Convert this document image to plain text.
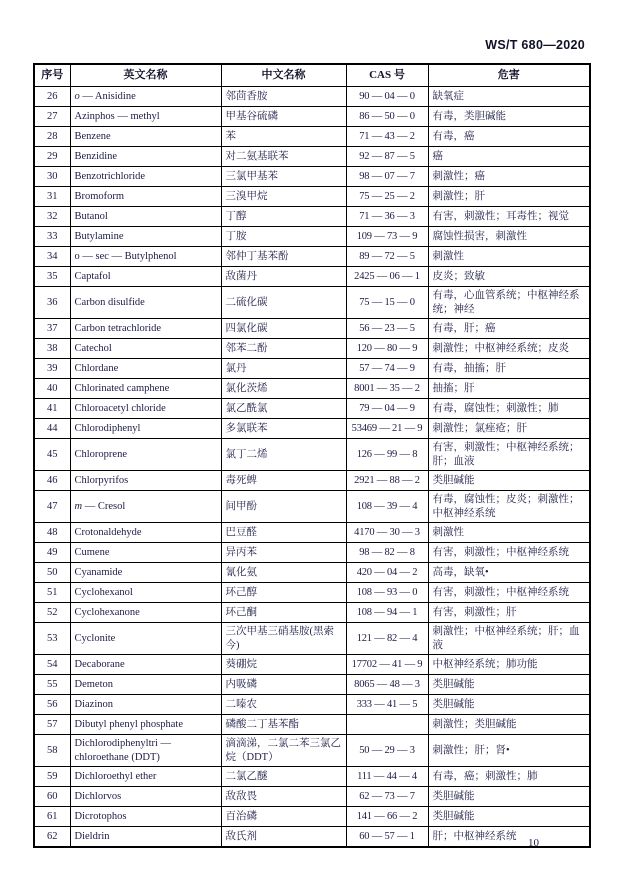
WS/T 680—2020
序号	英文名称	中文名称	CAS 号	危害
26	o — Anisidine	邻茴香胺	90 — 04 — 0	缺氧症
27	Azinphos — methyl	甲基谷硫磷	86 — 50 — 0	有毒，类胆碱能
28	Benzene	苯	71 — 43 — 2	有毒，癌
29	Benzidine	对二氨基联苯	92 — 87 — 5	癌
30	Benzotrichloride	三氯甲基苯	98 — 07 — 7	刺激性；癌
31	Bromoform	三溴甲烷	75 — 25 — 2	刺激性；肝
32	Butanol	丁醇	71 — 36 — 3	有害，刺激性；耳毒性；视觉
33	Butylamine	丁胺	109 — 73 — 9	腐蚀性损害，刺激性
34	o — sec — Butylphenol	邻仲丁基苯酚	89 — 72 — 5	刺激性
35	Captafol	敌菌丹	2425 — 06 — 1	皮炎；致敏
36	Carbon disulfide	二硫化碳	75 — 15 — 0	有毒，心血管系统；中枢神经系统；神经
37	Carbon tetrachloride	四氯化碳	56 — 23 — 5	有毒，肝；癌
38	Catechol	邻苯二酚	120 — 80 — 9	刺激性；中枢神经系统；皮炎
39	Chlordane	氯丹	57 — 74 — 9	有毒，抽搐；肝
40	Chlorinated camphene	氯化茨烯	8001 — 35 — 2	抽搐；肝
41	Chloroacetyl chloride	氯乙酰氯	79 — 04 — 9	有毒，腐蚀性；刺激性；肺
44	Chlorodiphenyl	多氯联苯	53469 — 21 — 9	刺激性；氯痤疮；肝
45	Chloroprene	氯丁二烯	126 — 99 — 8	有害，刺激性；中枢神经系统；肝；血液
46	Chlorpyrifos	毒死蜱	2921 — 88 — 2	类胆碱能
47	m — Cresol	间甲酚	108 — 39 — 4	有毒，腐蚀性；皮炎；刺激性；中枢神经系统
48	Crotonaldehyde	巴豆醛	4170 — 30 — 3	刺激性
49	Cumene	异丙苯	98 — 82 — 8	有害，刺激性；中枢神经系统
50	Cyanamide	氰化氨	420 — 04 — 2	高毒，缺氧•
51	Cyclohexanol	环己醇	108 — 93 — 0	有害，刺激性；中枢神经系统
52	Cyclohexanone	环己酮	108 — 94 — 1	有害，刺激性；肝
53	Cyclonite	三次甲基三硝基胺(黑索今)	121 — 82 — 4	刺激性；中枢神经系统；肝；血液
54	Decaborane	葵硼烷	17702 — 41 — 9	中枢神经系统；肺功能
55	Demeton	内吸磷	8065 — 48 — 3	类胆碱能
56	Diazinon	二嗪农	333 — 41 — 5	类胆碱能
57	Dibutyl phenyl phosphate	磷酸二丁基苯酯		刺激性；类胆碱能
58	Dichlorodiphenyltri — chloroethane (DDT)	滴滴涕，二氯二苯三氯乙烷（DDT）	50 — 29 — 3	刺激性；肝；肾•
59	Dichloroethyl ether	二氯乙醚	111 — 44 — 4	有毒，癌；刺激性；肺
60	Dichlorvos	敌敌畏	62 — 73 — 7	类胆碱能
61	Dicrotophos	百治磷	141 — 66 — 2	类胆碱能
62	Dieldrin	敌氏剂	60 — 57 — 1	肝；中枢神经系统
10
